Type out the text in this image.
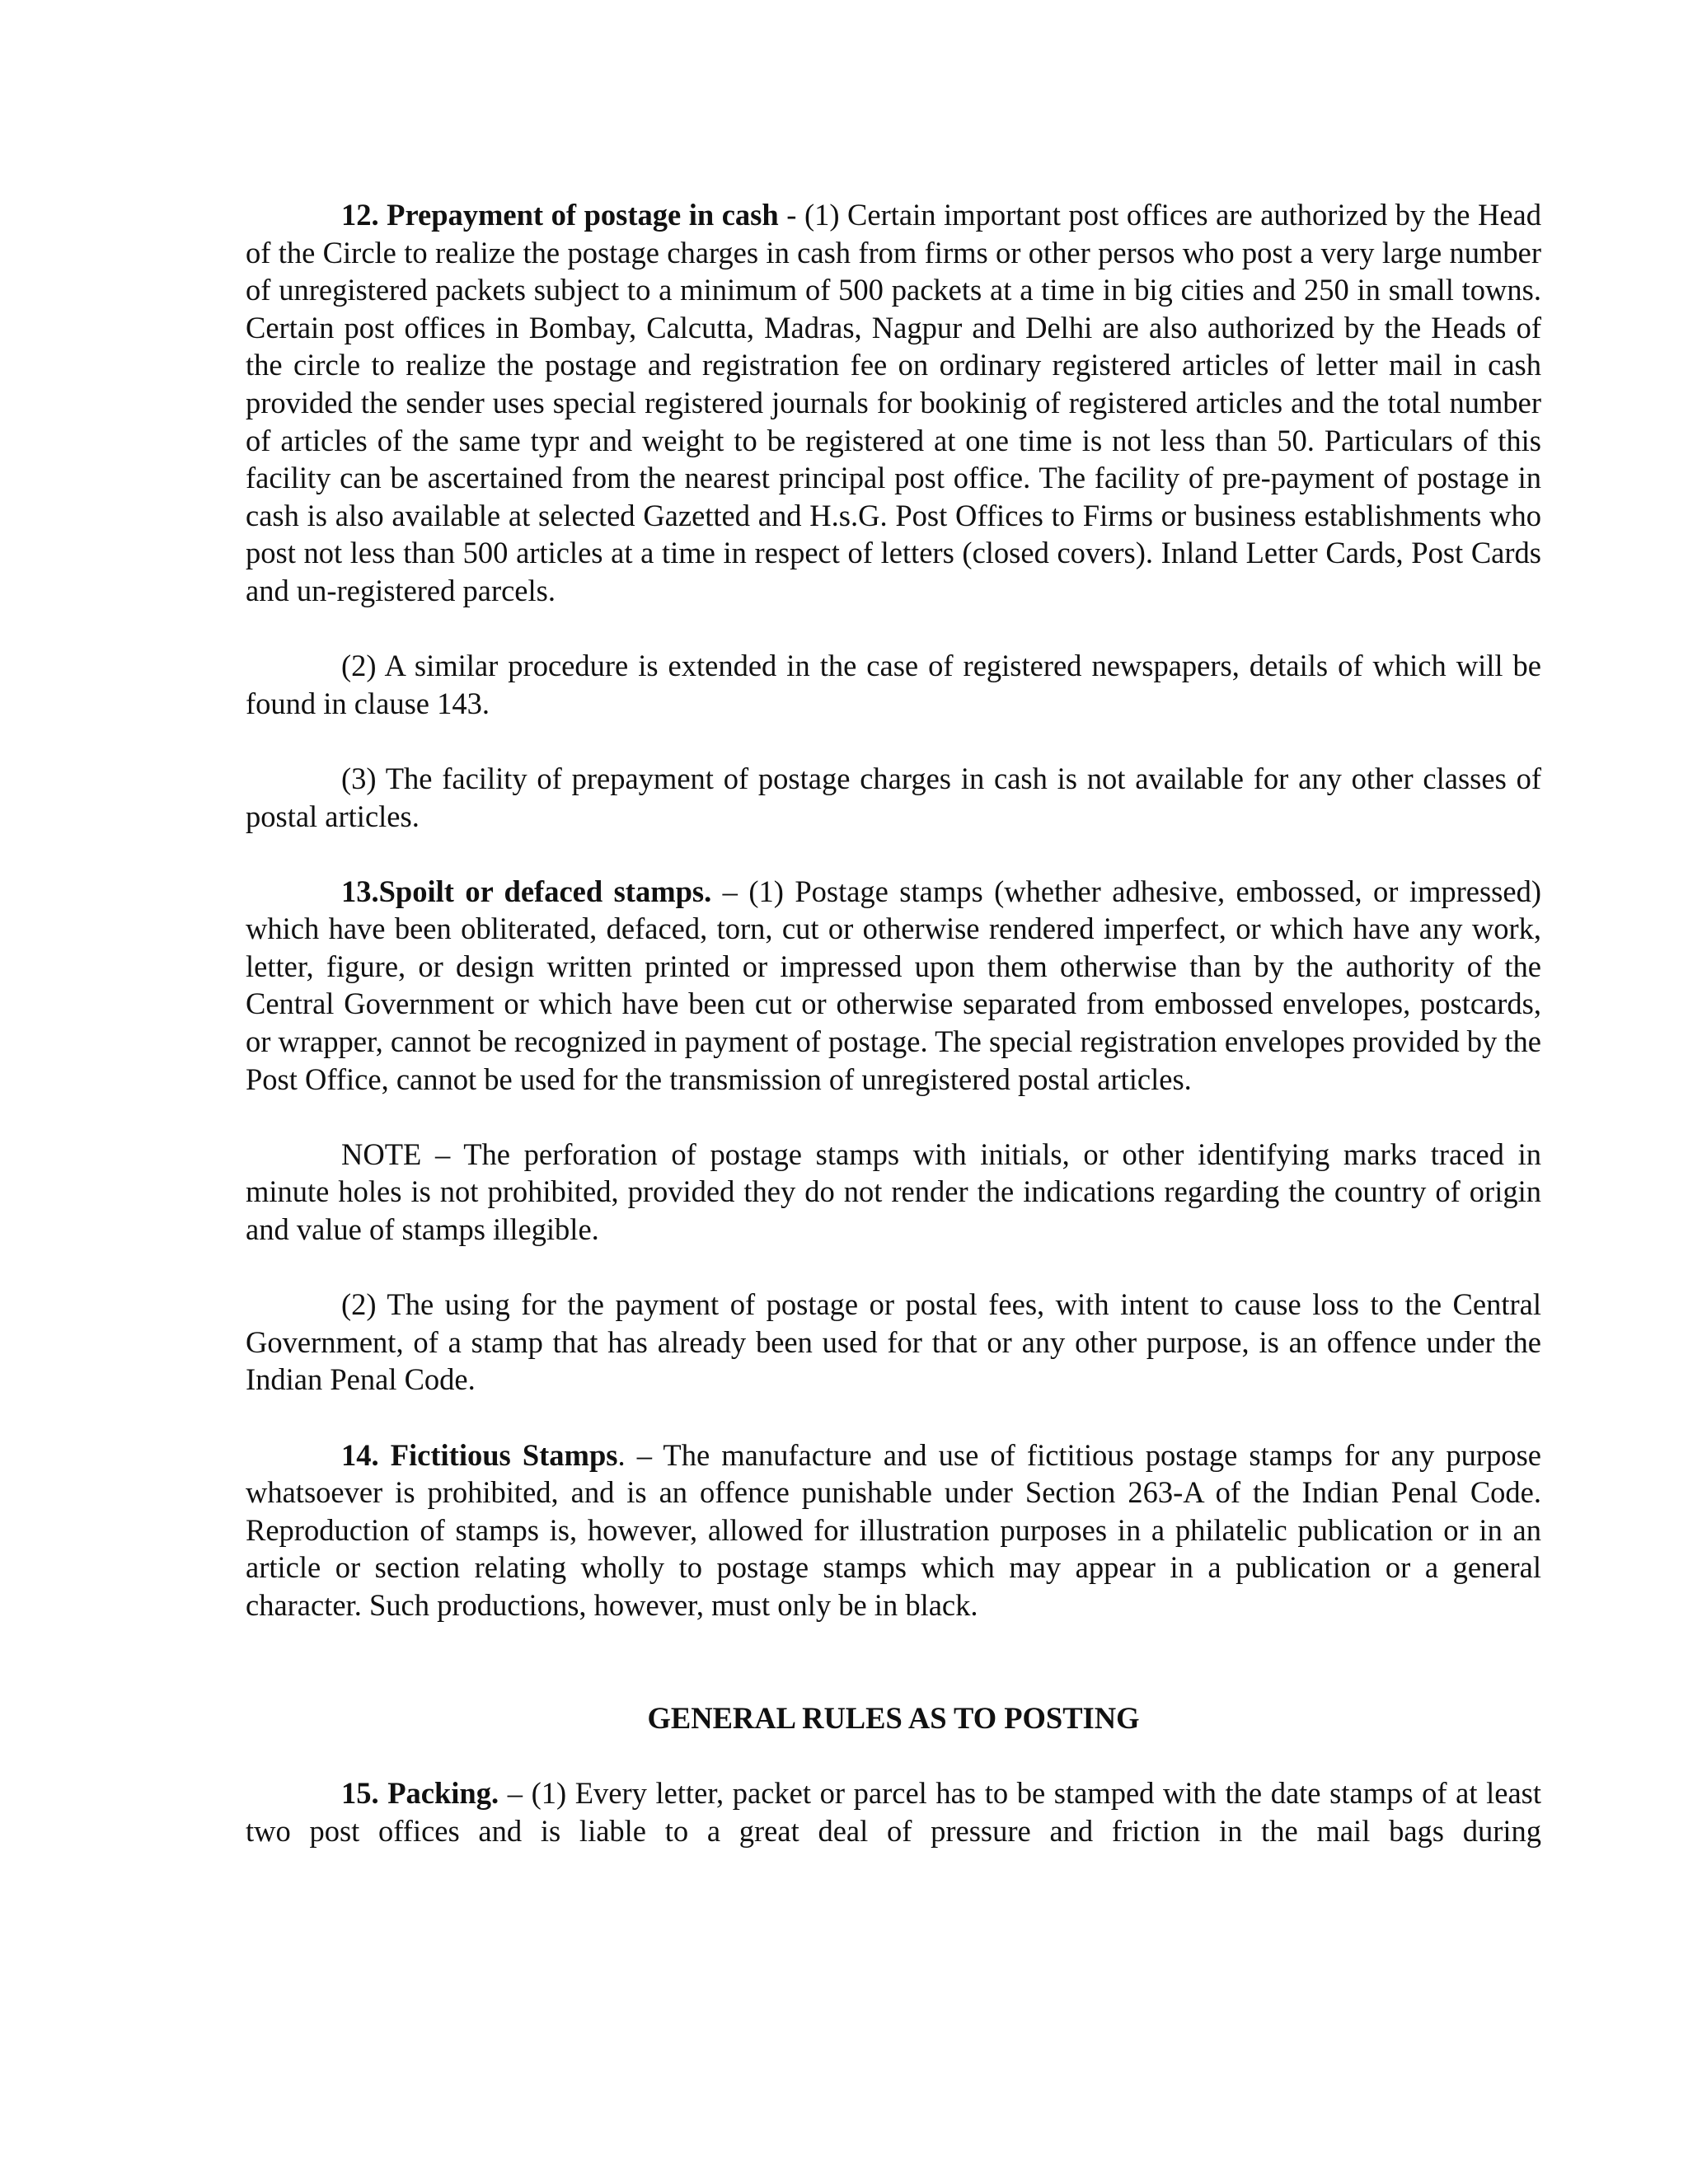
12. Prepayment of postage in cash - (1) Certain important post offices are authorized by the Head of the Circle to realize the postage charges in cash from firms or other persos who post a very large number of unregistered packets subject to a minimum of 500 packets at a time in big cities and 250 in small towns. Certain post offices in Bombay, Calcutta, Madras, Nagpur and Delhi are also authorized by the Heads of the circle to realize the postage and registration fee on ordinary registered articles of letter mail in cash provided the sender uses special registered journals for bookinig of registered articles and the total number of articles of the same typr and weight to be registered at one time is not less than 50. Particulars of this facility can be ascertained from the nearest principal post office. The facility of pre-payment of postage in cash is also available at selected Gazetted and H.s.G. Post Offices to Firms or business establishments who post not less than 500 articles at a time in respect of letters (closed covers). Inland Letter Cards, Post Cards and un-registered parcels.

(2) A similar procedure is extended in the case of registered newspapers, details of which will be found in clause 143.

(3) The facility of prepayment of postage charges in cash is not available for any other classes of postal articles.

13.Spoilt or defaced stamps. – (1) Postage stamps (whether adhesive, embossed, or impressed) which have been obliterated, defaced, torn, cut or otherwise rendered imperfect, or which have any work, letter, figure, or design written printed or impressed upon them otherwise than by the authority of the Central Government or which have been cut or otherwise separated from embossed envelopes, postcards, or wrapper, cannot be recognized in payment of postage. The special registration envelopes provided by the Post Office, cannot be used for the transmission of unregistered postal articles.

NOTE – The perforation of postage stamps with initials, or other identifying marks traced in minute holes is not prohibited, provided they do not render the indications regarding the country of origin and value of stamps illegible.

(2) The using for the payment of postage or postal fees, with intent to cause loss to the Central Government, of a stamp that has already been used for that or any other purpose, is an offence under the Indian Penal Code.

14. Fictitious Stamps. – The manufacture and use of fictitious postage stamps for any purpose whatsoever is prohibited, and is an offence punishable under Section 263-A of the Indian Penal Code. Reproduction of stamps is, however, allowed for illustration purposes in a philatelic publication or in an article or section relating wholly to postage stamps which may appear in a publication or a general character. Such productions, however, must only be in black.

GENERAL RULES AS TO POSTING

15. Packing. – (1) Every letter, packet or parcel has to be stamped with the date stamps of at least two post offices and is liable to a great deal of pressure and friction in the mail bags during
